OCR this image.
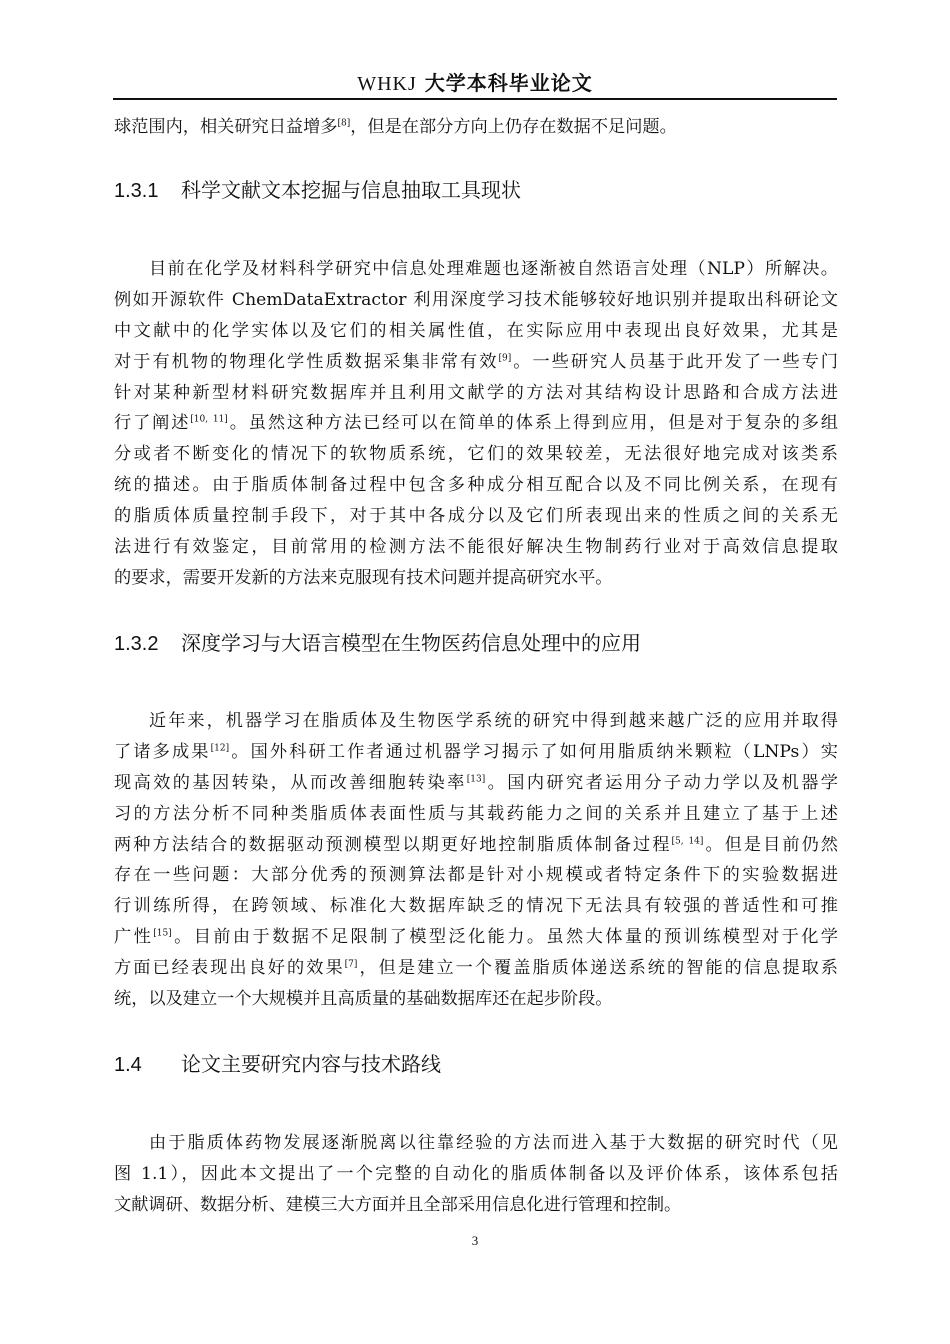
WHKJ 大学本科毕业论文
球范围内，相关研究日益增多[8]，但是在部分方向上仍存在数据不足问题。
1.3.1 科学文献文本挖掘与信息抽取工具现状
目前在化学及材料科学研究中信息处理难题也逐渐被自然语言处理（NLP）所解决。
例如开源软件 ChemDataExtractor 利用深度学习技术能够较好地识别并提取出科研论文
中文献中的化学实体以及它们的相关属性值，在实际应用中表现出良好效果，尤其是
对于有机物的物理化学性质数据采集非常有效[9]。一些研究人员基于此开发了一些专门
针对某种新型材料研究数据库并且利用文献学的方法对其结构设计思路和合成方法进
行了阐述[10, 11]。虽然这种方法已经可以在简单的体系上得到应用，但是对于复杂的多组
分或者不断变化的情况下的软物质系统，它们的效果较差，无法很好地完成对该类系
统的描述。由于脂质体制备过程中包含多种成分相互配合以及不同比例关系，在现有
的脂质体质量控制手段下，对于其中各成分以及它们所表现出来的性质之间的关系无
法进行有效鉴定，目前常用的检测方法不能很好解决生物制药行业对于高效信息提取
的要求，需要开发新的方法来克服现有技术问题并提高研究水平。
1.3.2 深度学习与大语言模型在生物医药信息处理中的应用
近年来，机器学习在脂质体及生物医学系统的研究中得到越来越广泛的应用并取得
了诸多成果[12]。国外科研工作者通过机器学习揭示了如何用脂质纳米颗粒（LNPs）实
现高效的基因转染，从而改善细胞转染率[13]。国内研究者运用分子动力学以及机器学
习的方法分析不同种类脂质体表面性质与其载药能力之间的关系并且建立了基于上述
两种方法结合的数据驱动预测模型以期更好地控制脂质体制备过程[5, 14]。但是目前仍然
存在一些问题：大部分优秀的预测算法都是针对小规模或者特定条件下的实验数据进
行训练所得，在跨领域、标准化大数据库缺乏的情况下无法具有较强的普适性和可推
广性[15]。目前由于数据不足限制了模型泛化能力。虽然大体量的预训练模型对于化学
方面已经表现出良好的效果[7]，但是建立一个覆盖脂质体递送系统的智能的信息提取系
统，以及建立一个大规模并且高质量的基础数据库还在起步阶段。
1.4 论文主要研究内容与技术路线
由于脂质体药物发展逐渐脱离以往靠经验的方法而进入基于大数据的研究时代（见
图 1.1），因此本文提出了一个完整的自动化的脂质体制备以及评价体系，该体系包括
文献调研、数据分析、建模三大方面并且全部采用信息化进行管理和控制。
3
